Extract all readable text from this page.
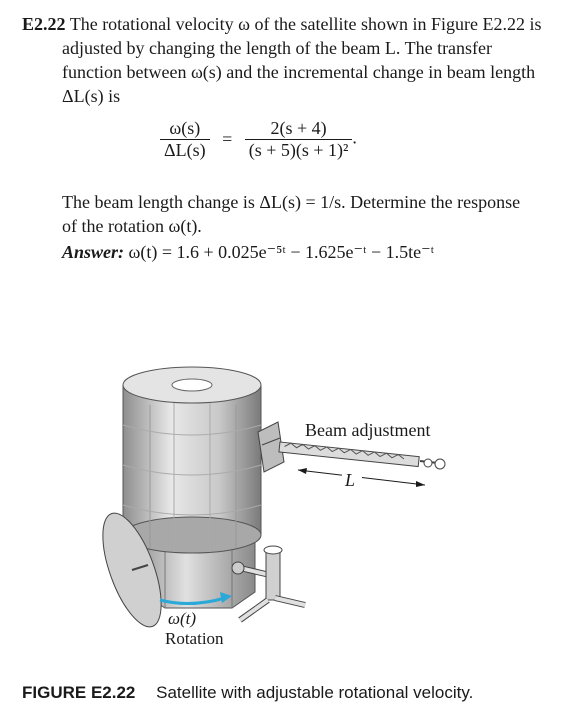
E2.22 The rotational velocity ω of the satellite shown in Figure E2.22 is adjusted by changing the length of the beam L. The transfer function between ω(s) and the incremental change in beam length ΔL(s) is

$\frac{\omega(s)}{\Delta L(s)} = \frac{2(s + 4)}{\text{(s + 5)(s + 1)²}}$ .

The beam length change is ΔL(s) = 1/s. Determine the response of the rotation ω(t).

Answer: ω(t) = 1.6 + 0.025e⁻⁵ᵗ − 1.625e⁻ᵗ − 1.5te⁻ᵗ

L
Beam adjustment
ω(t)
Rotation
FIGURE E2.22 Satellite with adjustable rotational velocity.
